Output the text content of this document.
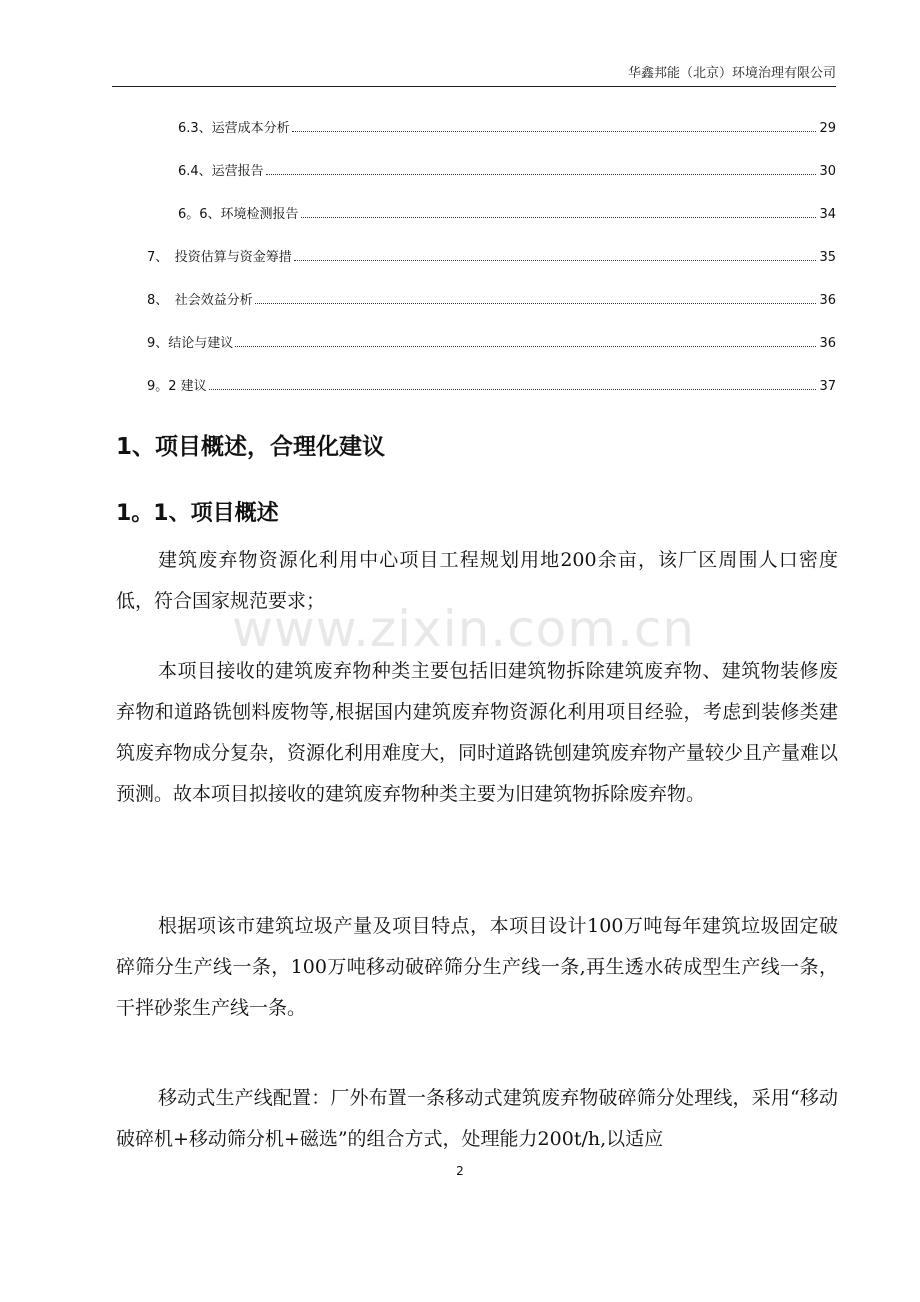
华鑫邦能（北京）环境治理有限公司
6.3、运营成本分析	29
6.4、运营报告	30
6。6、环境检测报告	34
7、　投资估算与资金筹措	35
8、　社会效益分析	36
9、结论与建议	36
9。2 建议	37
1、项目概述，合理化建议
1。1、项目概述

建筑废弃物资源化利用中心项目工程规划用地200余亩，该厂区周围人口密度低，符合国家规范要求；

本项目接收的建筑废弃物种类主要包括旧建筑物拆除建筑废弃物、建筑物装修废弃物和道路铣刨料废物等,根据国内建筑废弃物资源化利用项目经验，考虑到装修类建筑废弃物成分复杂，资源化利用难度大，同时道路铣刨建筑废弃物产量较少且产量难以预测。故本项目拟接收的建筑废弃物种类主要为旧建筑物拆除废弃物。

根据项该市建筑垃圾产量及项目特点，本项目设计100万吨每年建筑垃圾固定破碎筛分生产线一条，100万吨移动破碎筛分生产线一条,再生透水砖成型生产线一条，干拌砂浆生产线一条。

移动式生产线配置：厂外布置一条移动式建筑废弃物破碎筛分处理线，采用“移动破碎机+移动筛分机+磁选”的组合方式，处理能力200t/h,以适应

www.zixin.com.cn
2
